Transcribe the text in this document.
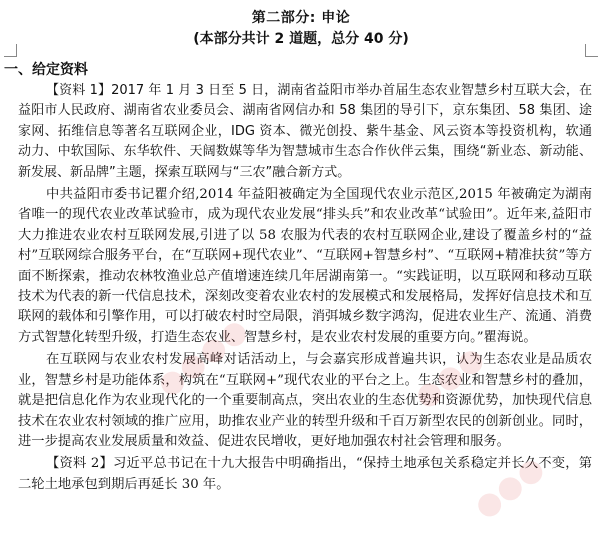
第二部分: 申论
(本部分共计 2 道题，总分 40 分)
一、给定资料

【资料 1】2017 年 1 月 3 日至 5 日，湖南省益阳市举办首届生态农业智慧乡村互联大会，在益阳市人民政府、湖南省农业委员会、湖南省网信办和 58 集团的导引下，京东集团、58 集团、途家网、拓维信息等著名互联网企业，IDG 资本、微光创投、紫牛基金、风云资本等投资机构，软通动力、中软国际、东华软件、天阔数媒等华为智慧城市生态合作伙伴云集，围绕“新业态、新动能、新发展、新品牌”主题，探索互联网与“三农”融合新方式。

中共益阳市委书记瞿介绍,2014 年益阳被确定为全国现代农业示范区,2015 年被确定为湖南省唯一的现代农业改革试验市，成为现代农业发展“排头兵”和农业改革“试验田”。近年来,益阳市大力推进农业农村互联网发展,引进了以 58 农服为代表的农村互联网企业,建设了覆盖乡村的“益村”互联网综合服务平台，在“互联网+现代农业”、“互联网+智慧乡村”、“互联网+精准扶贫”等方面不断探索，推动农林牧渔业总产值增速连续几年居湖南第一。“实践证明，以互联网和移动互联技术为代表的新一代信息技术，深刻改变着农业农村的发展模式和发展格局，发挥好信息技术和互联网的载体和引擎作用，可以打破农村时空局限，消弭城乡数字鸿沟，促进农业生产、流通、消费方式智慧化转型升级，打造生态农业、智慧乡村，是农业农村发展的重要方向。”瞿海说。

在互联网与农业农村发展高峰对话活动上，与会嘉宾形成普遍共识，认为生态农业是品质农业，智慧乡村是功能体系，构筑在“互联网+”现代农业的平台之上。生态农业和智慧乡村的叠加，就是把信息化作为农业现代化的一个重要制高点，突出农业的生态优势和资源优势，加快现代信息技术在农业农村领域的推广应用，助推农业产业的转型升级和千百万新型农民的创新创业。同时，进一步提高农业发展质量和效益、促进农民增收，更好地加强农村社会管理和服务。

【资料 2】习近平总书记在十九大报告中明确指出，“保持土地承包关系稳定并长久不变，第二轮土地承包到期后再延长 30 年。

●●●●	●●●
●●●
